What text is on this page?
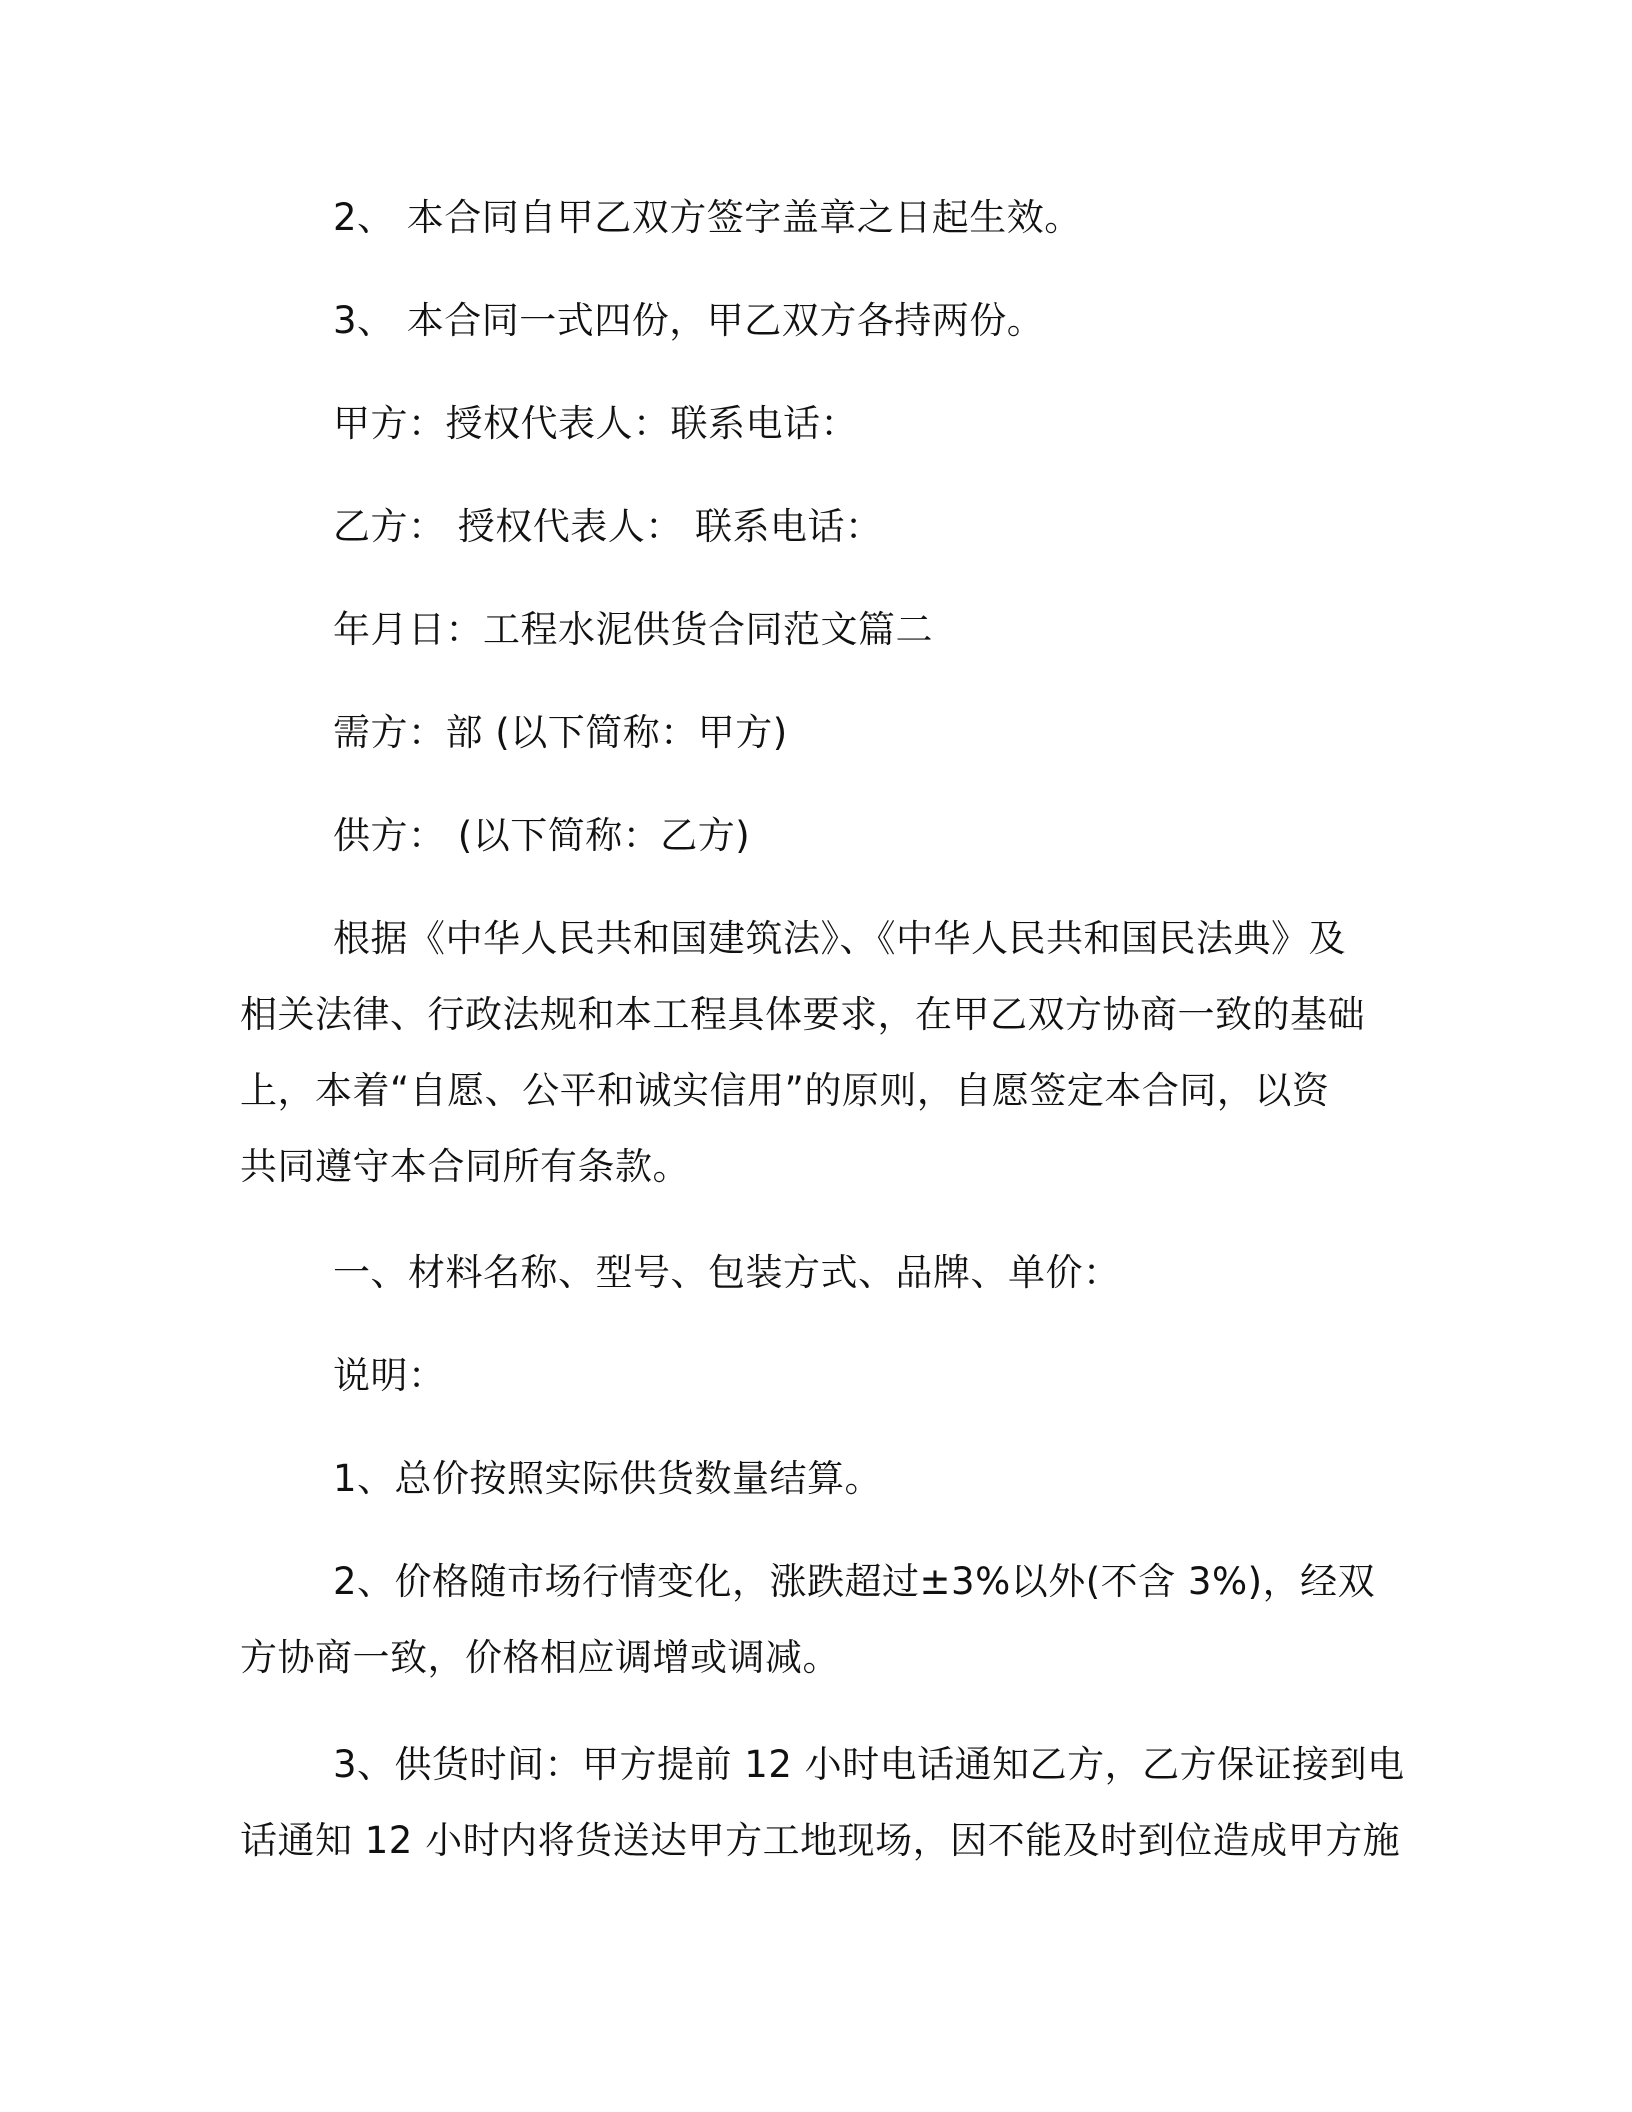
2、 本合同自甲乙双方签字盖章之日起生效。
3、 本合同一式四份，甲乙双方各持两份。
甲方：授权代表人：联系电话：
乙方： 授权代表人： 联系电话：
年月日：工程水泥供货合同范文篇二
需方：部 (以下简称：甲方)
供方： (以下简称：乙方)
根据《中华人民共和国建筑法》、《中华人民共和国民法典》及
相关法律、行政法规和本工程具体要求，在甲乙双方协商一致的基础
上，本着“自愿、公平和诚实信用”的原则，自愿签定本合同，以资
共同遵守本合同所有条款。
一、材料名称、型号、包装方式、品牌、单价：
说明：
1、总价按照实际供货数量结算。
2、价格随市场行情变化，涨跌超过±3%以外(不含 3%)，经双
方协商一致，价格相应调增或调减。
3、供货时间：甲方提前 12 小时电话通知乙方，乙方保证接到电
话通知 12 小时内将货送达甲方工地现场，因不能及时到位造成甲方施
